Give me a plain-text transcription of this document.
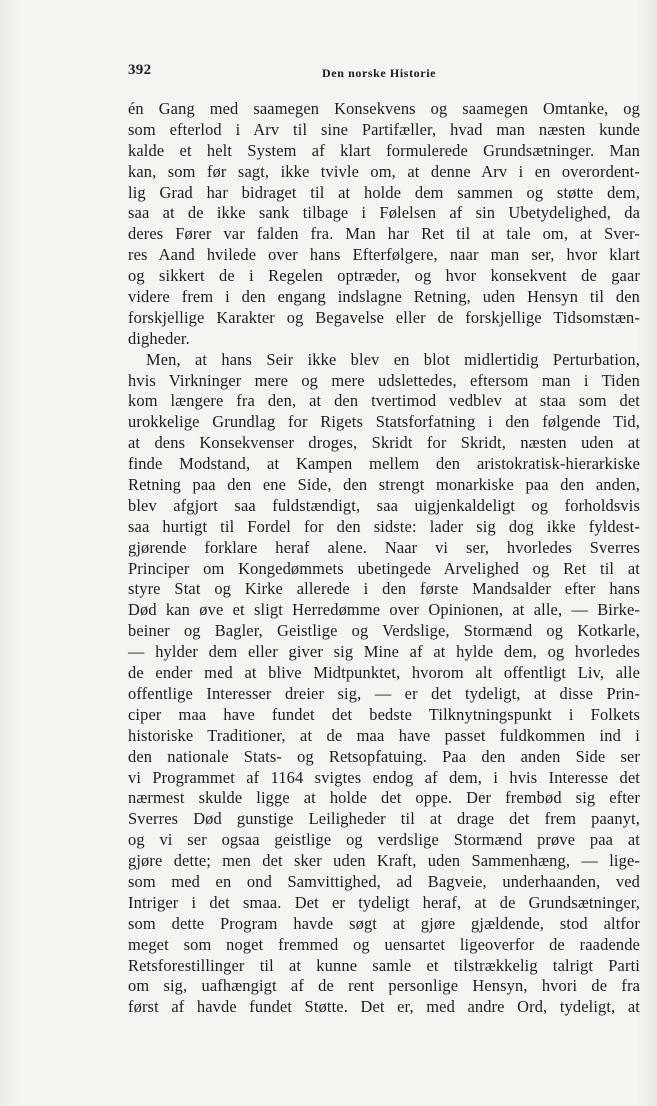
392	Den norske Historie
én Gang med saamegen Konsekvens og saamegen Omtanke, og
som efterlod i Arv til sine Partifæller, hvad man næsten kunde
kalde et helt System af klart formulerede Grundsætninger. Man
kan, som før sagt, ikke tvivle om, at denne Arv i en overordent-
lig Grad har bidraget til at holde dem sammen og støtte dem,
saa at de ikke sank tilbage i Følelsen af sin Ubetydelighed, da
deres Fører var falden fra. Man har Ret til at tale om, at Sver-
res Aand hvilede over hans Efterfølgere, naar man ser, hvor klart
og sikkert de i Regelen optræder, og hvor konsekvent de gaar
videre frem i den engang indslagne Retning, uden Hensyn til den
forskjellige Karakter og Begavelse eller de forskjellige Tidsomstæn-
digheder.
Men, at hans Seir ikke blev en blot midlertidig Perturbation,
hvis Virkninger mere og mere udslettedes, eftersom man i Tiden
kom længere fra den, at den tvertimod vedblev at staa som det
urokkelige Grundlag for Rigets Statsforfatning i den følgende Tid,
at dens Konsekvenser droges, Skridt for Skridt, næsten uden at
finde Modstand, at Kampen mellem den aristokratisk-hierarkiske
Retning paa den ene Side, den strengt monarkiske paa den anden,
blev afgjort saa fuldstændigt, saa uigjenkaldeligt og forholdsvis
saa hurtigt til Fordel for den sidste: lader sig dog ikke fyldest-
gjørende forklare heraf alene. Naar vi ser, hvorledes Sverres
Principer om Kongedømmets ubetingede Arvelighed og Ret til at
styre Stat og Kirke allerede i den første Mandsalder efter hans
Død kan øve et sligt Herredømme over Opinionen, at alle, — Birke-
beiner og Bagler, Geistlige og Verdslige, Stormænd og Kotkarle,
— hylder dem eller giver sig Mine af at hylde dem, og hvorledes
de ender med at blive Midtpunktet, hvorom alt offentligt Liv, alle
offentlige Interesser dreier sig, — er det tydeligt, at disse Prin-
ciper maa have fundet det bedste Tilknytningspunkt i Folkets
historiske Traditioner, at de maa have passet fuldkommen ind i
den nationale Stats- og Retsopfatuing. Paa den anden Side ser
vi Programmet af 1164 svigtes endog af dem, i hvis Interesse det
nærmest skulde ligge at holde det oppe. Der frembød sig efter
Sverres Død gunstige Leiligheder til at drage det frem paanyt,
og vi ser ogsaa geistlige og verdslige Stormænd prøve paa at
gjøre dette; men det sker uden Kraft, uden Sammenhæng, — lige-
som med en ond Samvittighed, ad Bagveie, underhaanden, ved
Intriger i det smaa. Det er tydeligt heraf, at de Grundsætninger,
som dette Program havde søgt at gjøre gjældende, stod altfor
meget som noget fremmed og uensartet ligeoverfor de raadende
Retsforestillinger til at kunne samle et tilstrækkelig talrigt Parti
om sig, uafhængigt af de rent personlige Hensyn, hvori de fra
først af havde fundet Støtte. Det er, med andre Ord, tydeligt, at
